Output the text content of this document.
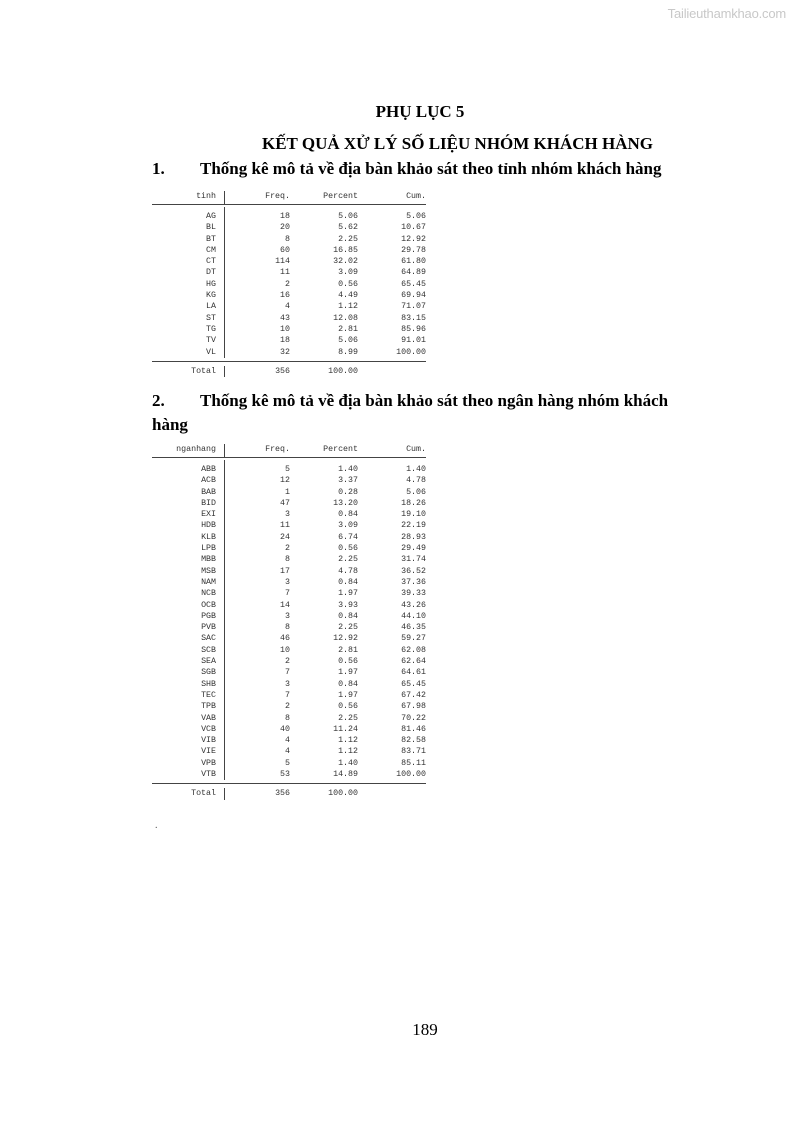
Tailieuthamkhao.com
PHỤ LỤC 5
KẾT QUẢ XỬ LÝ SỐ LIỆU NHÓM KHÁCH HÀNG
1. Thống kê mô tả về địa bàn khảo sát theo tỉnh nhóm khách hàng
tinh	Freq.	Percent	Cum.
AG	18	5.06	5.06
BL	20	5.62	10.67
BT	8	2.25	12.92
CM	60	16.85	29.78
CT	114	32.02	61.80
DT	11	3.09	64.89
HG	2	0.56	65.45
KG	16	4.49	69.94
LA	4	1.12	71.07
ST	43	12.08	83.15
TG	10	2.81	85.96
TV	18	5.06	91.01
VL	32	8.99	100.00
Total	356	100.00
2. Thống kê mô tả về địa bàn khảo sát theo ngân hàng nhóm khách hàng
nganhang	Freq.	Percent	Cum.
ABB	5	1.40	1.40
ACB	12	3.37	4.78
BAB	1	0.28	5.06
BID	47	13.20	18.26
EXI	3	0.84	19.10
HDB	11	3.09	22.19
KLB	24	6.74	28.93
LPB	2	0.56	29.49
MBB	8	2.25	31.74
MSB	17	4.78	36.52
NAM	3	0.84	37.36
NCB	7	1.97	39.33
OCB	14	3.93	43.26
PGB	3	0.84	44.10
PVB	8	2.25	46.35
SAC	46	12.92	59.27
SCB	10	2.81	62.08
SEA	2	0.56	62.64
SGB	7	1.97	64.61
SHB	3	0.84	65.45
TEC	7	1.97	67.42
TPB	2	0.56	67.98
VAB	8	2.25	70.22
VCB	40	11.24	81.46
VIB	4	1.12	82.58
VIE	4	1.12	83.71
VPB	5	1.40	85.11
VTB	53	14.89	100.00
Total	356	100.00
.
189
